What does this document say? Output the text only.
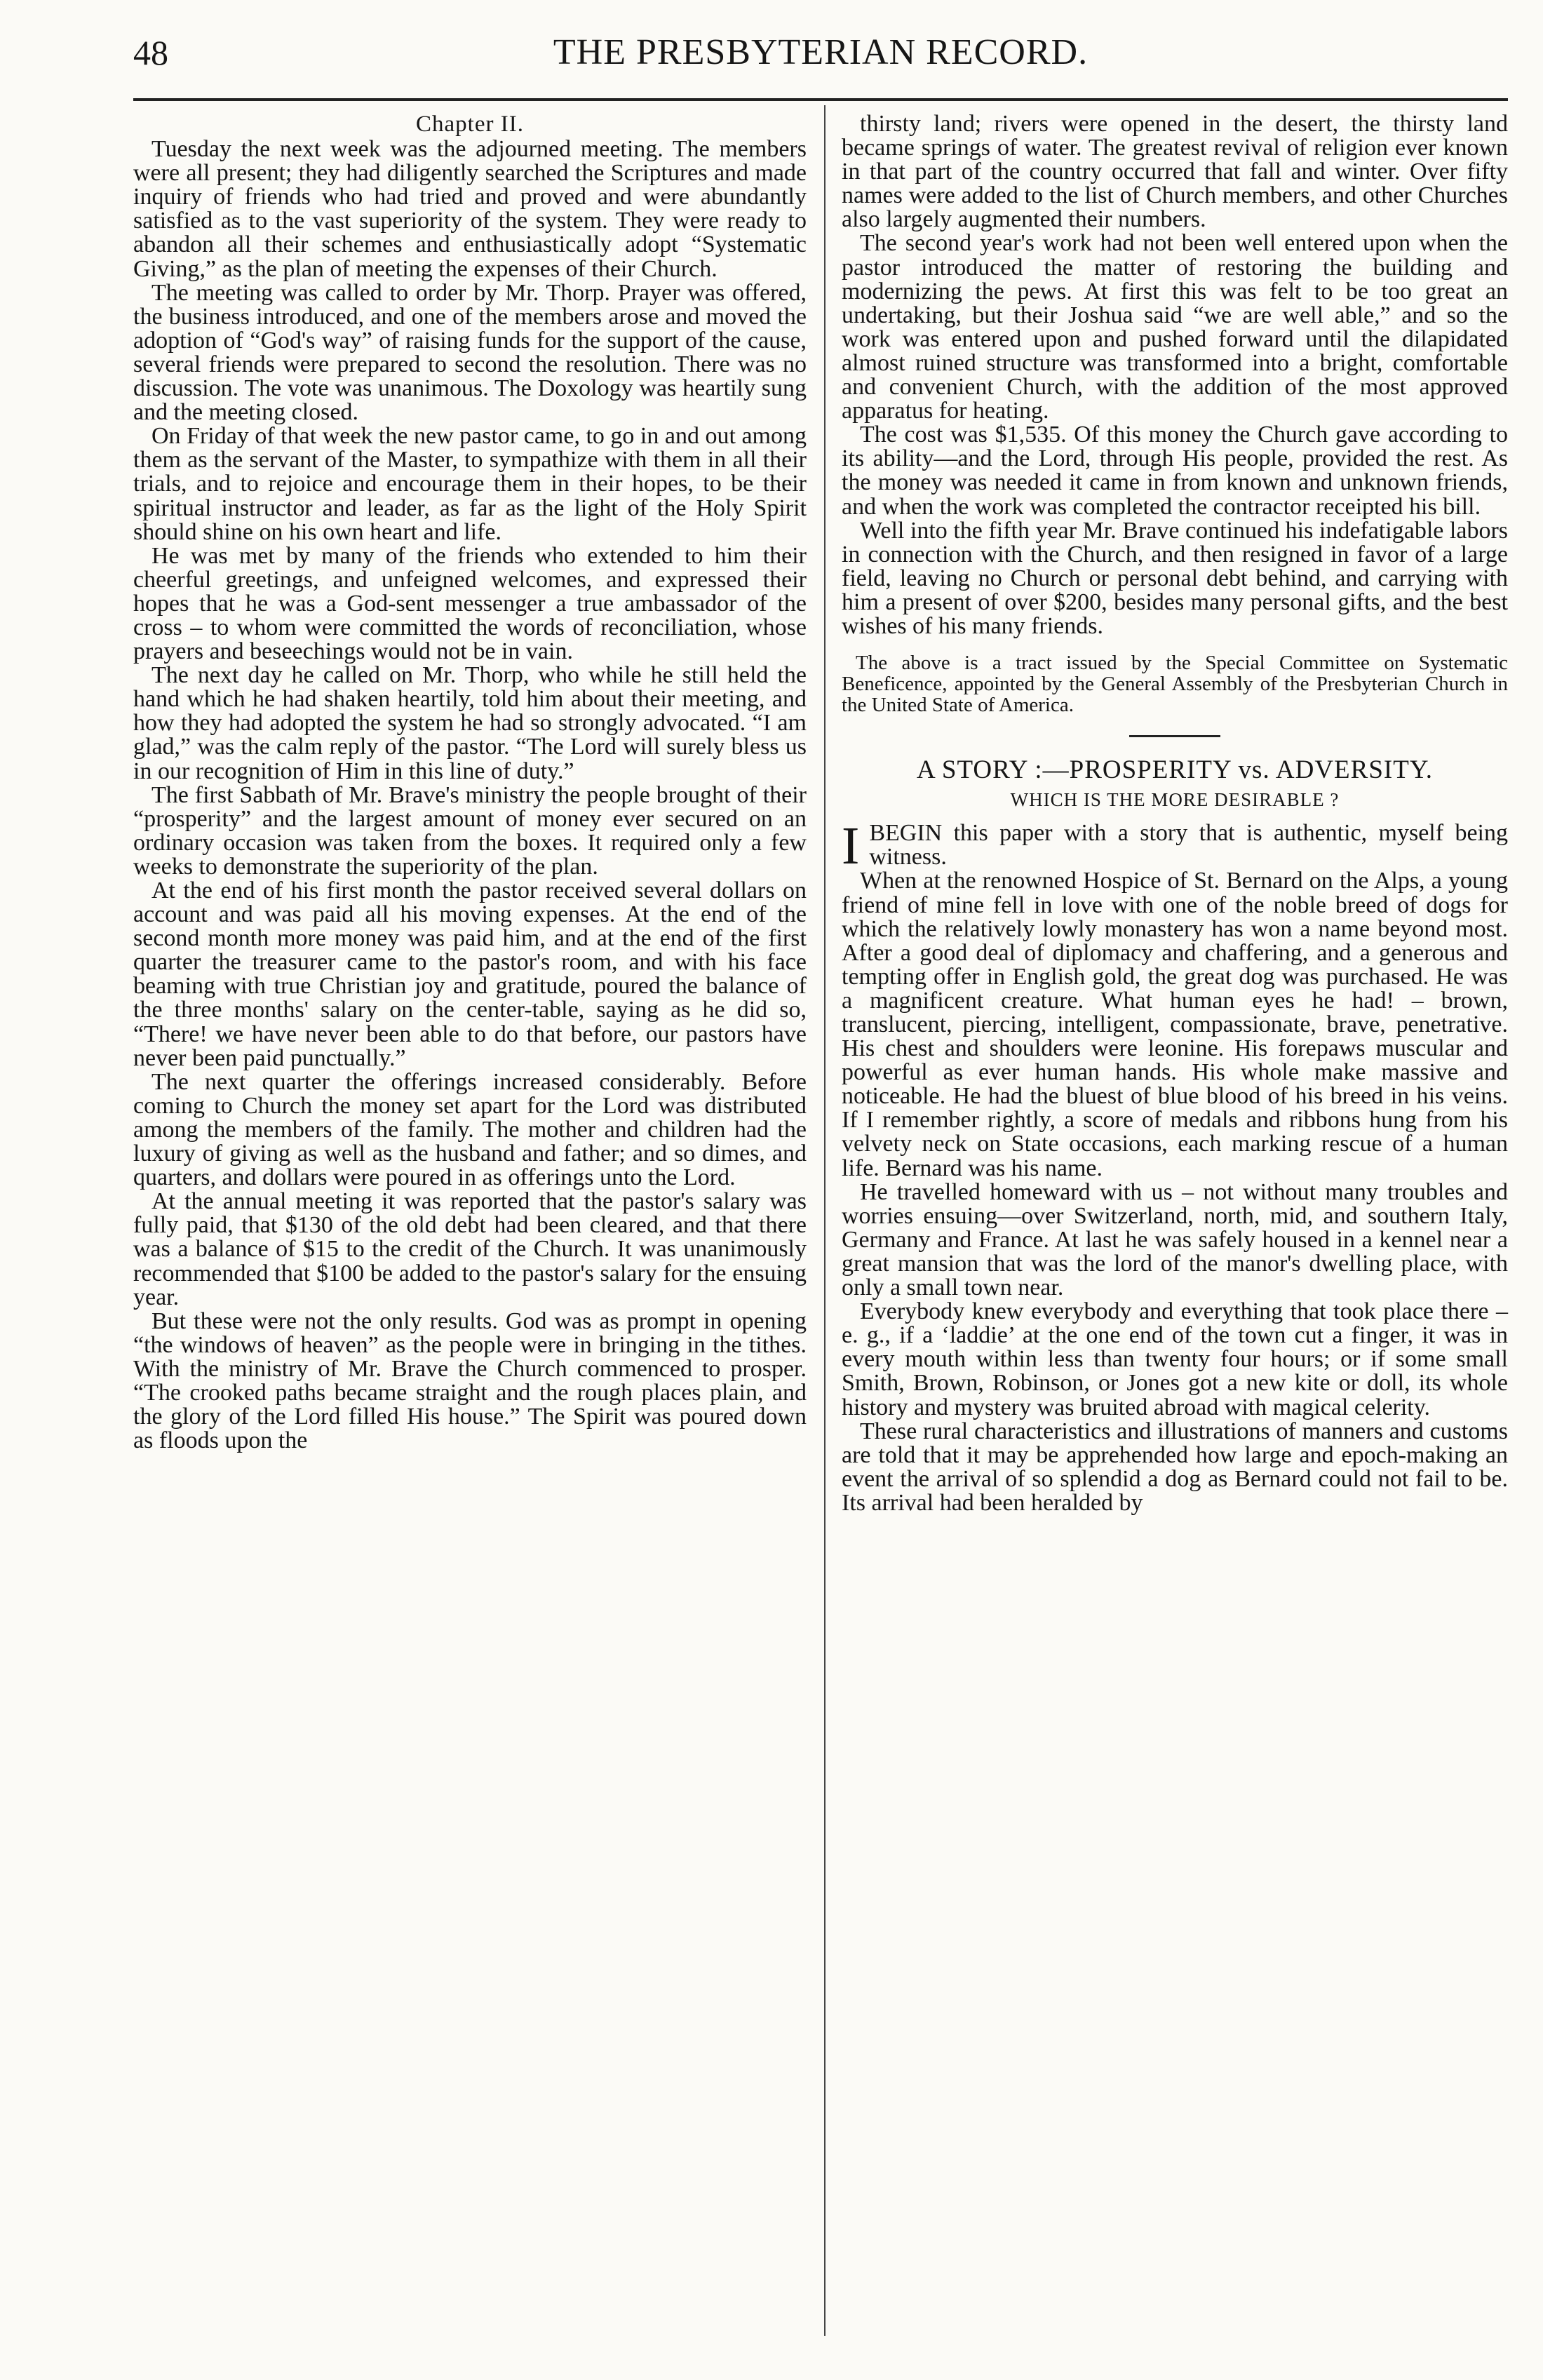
48	THE PRESBYTERIAN RECORD.

Chapter II.

Tuesday the next week was the adjourned meeting. The members were all present; they had diligently searched the Scriptures and made inquiry of friends who had tried and proved and were abundantly satisfied as to the vast superiority of the system. They were ready to abandon all their schemes and enthusiastically adopt “Systematic Giving,” as the plan of meeting the expenses of their Church.

The meeting was called to order by Mr. Thorp. Prayer was offered, the business introduced, and one of the members arose and moved the adoption of “God's way” of raising funds for the support of the cause, several friends were prepared to second the resolution. There was no discussion. The vote was unanimous. The Doxology was heartily sung and the meeting closed.

On Friday of that week the new pastor came, to go in and out among them as the servant of the Master, to sympathize with them in all their trials, and to rejoice and encourage them in their hopes, to be their spiritual instructor and leader, as far as the light of the Holy Spirit should shine on his own heart and life.

He was met by many of the friends who extended to him their cheerful greetings, and unfeigned welcomes, and expressed their hopes that he was a God-sent messenger a true ambassador of the cross – to whom were committed the words of reconciliation, whose prayers and beseechings would not be in vain.

The next day he called on Mr. Thorp, who while he still held the hand which he had shaken heartily, told him about their meeting, and how they had adopted the system he had so strongly advocated. “I am glad,” was the calm reply of the pastor. “The Lord will surely bless us in our recognition of Him in this line of duty.”

The first Sabbath of Mr. Brave's ministry the people brought of their “prosperity” and the largest amount of money ever secured on an ordinary occasion was taken from the boxes. It required only a few weeks to demonstrate the superiority of the plan.

At the end of his first month the pastor received several dollars on account and was paid all his moving expenses. At the end of the second month more money was paid him, and at the end of the first quarter the treasurer came to the pastor's room, and with his face beaming with true Christian joy and gratitude, poured the balance of the three months' salary on the center-table, saying as he did so, “There! we have never been able to do that before, our pastors have never been paid punctually.”

The next quarter the offerings increased considerably. Before coming to Church the money set apart for the Lord was distributed among the members of the family. The mother and children had the luxury of giving as well as the husband and father; and so dimes, and quarters, and dollars were poured in as offerings unto the Lord.

At the annual meeting it was reported that the pastor's salary was fully paid, that $130 of the old debt had been cleared, and that there was a balance of $15 to the credit of the Church. It was unanimously recommended that $100 be added to the pastor's salary for the ensuing year.

But these were not the only results. God was as prompt in opening “the windows of heaven” as the people were in bringing in the tithes. With the ministry of Mr. Brave the Church commenced to prosper. “The crooked paths became straight and the rough places plain, and the glory of the Lord filled His house.” The Spirit was poured down as floods upon the

thirsty land; rivers were opened in the desert, the thirsty land became springs of water. The greatest revival of religion ever known in that part of the country occurred that fall and winter. Over fifty names were added to the list of Church members, and other Churches also largely augmented their numbers.

The second year's work had not been well entered upon when the pastor introduced the matter of restoring the building and modernizing the pews. At first this was felt to be too great an undertaking, but their Joshua said “we are well able,” and so the work was entered upon and pushed forward until the dilapidated almost ruined structure was transformed into a bright, comfortable and convenient Church, with the addition of the most approved apparatus for heating.

The cost was $1,535. Of this money the Church gave according to its ability—and the Lord, through His people, provided the rest. As the money was needed it came in from known and unknown friends, and when the work was completed the contractor receipted his bill.

Well into the fifth year Mr. Brave continued his indefatigable labors in connection with the Church, and then resigned in favor of a large field, leaving no Church or personal debt behind, and carrying with him a present of over $200, besides many personal gifts, and the best wishes of his many friends.

The above is a tract issued by the Special Committee on Systematic Beneficence, appointed by the General Assembly of the Presbyterian Church in the United State of America.

A STORY :—PROSPERITY vs. ADVERSITY.

WHICH IS THE MORE DESIRABLE ?

IBEGIN this paper with a story that is authentic, myself being witness.

When at the renowned Hospice of St. Bernard on the Alps, a young friend of mine fell in love with one of the noble breed of dogs for which the relatively lowly monastery has won a name beyond most. After a good deal of diplomacy and chaffering, and a generous and tempting offer in English gold, the great dog was purchased. He was a magnificent creature. What human eyes he had! – brown, translucent, piercing, intelligent, compassionate, brave, penetrative. His chest and shoulders were leonine. His forepaws muscular and powerful as ever human hands. His whole make massive and noticeable. He had the bluest of blue blood of his breed in his veins. If I remember rightly, a score of medals and ribbons hung from his velvety neck on State occasions, each marking rescue of a human life. Bernard was his name.

He travelled homeward with us – not without many troubles and worries ensuing—over Switzerland, north, mid, and southern Italy, Germany and France. At last he was safely housed in a kennel near a great mansion that was the lord of the manor's dwelling place, with only a small town near.

Everybody knew everybody and everything that took place there – e. g., if a ‘laddie’ at the one end of the town cut a finger, it was in every mouth within less than twenty four hours; or if some small Smith, Brown, Robinson, or Jones got a new kite or doll, its whole history and mystery was bruited abroad with magical celerity.

These rural characteristics and illustrations of manners and customs are told that it may be apprehended how large and epoch-making an event the arrival of so splendid a dog as Bernard could not fail to be. Its arrival had been heralded by
